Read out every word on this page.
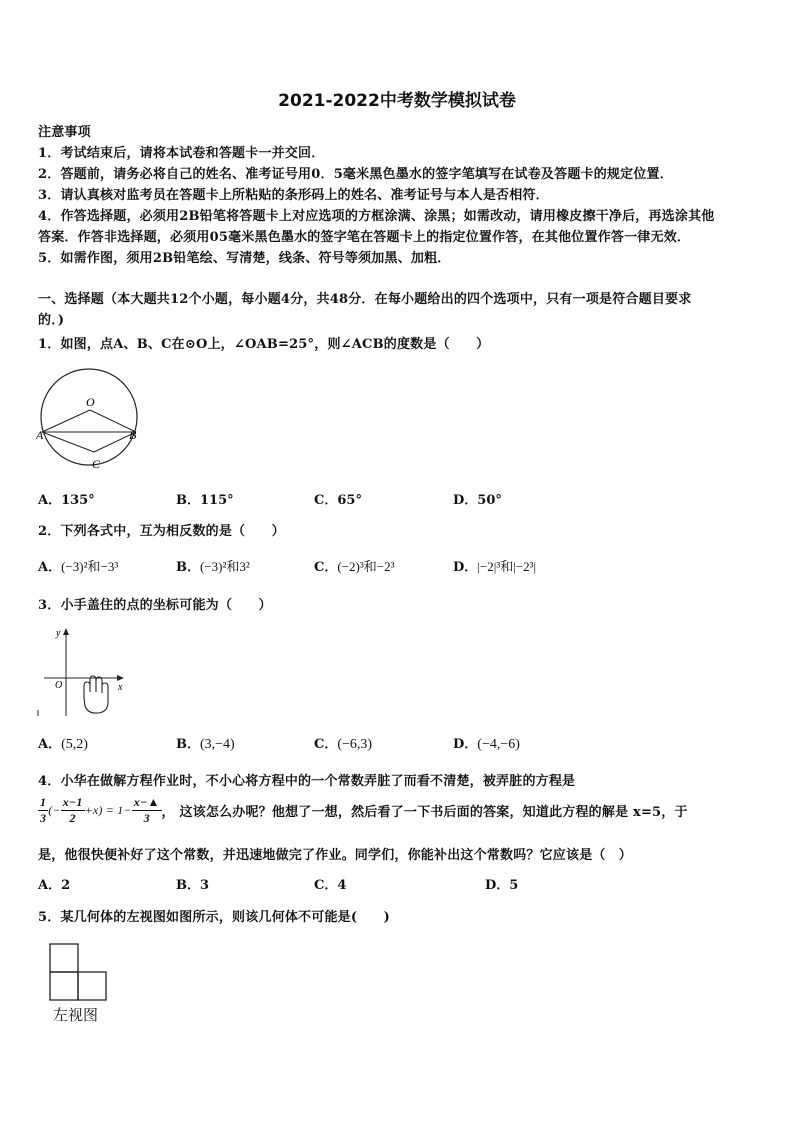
2021-2022中考数学模拟试卷
注意事项
1．考试结束后，请将本试卷和答题卡一并交回．
2．答题前，请务必将自己的姓名、准考证号用0．5毫米黑色墨水的签字笔填写在试卷及答题卡的规定位置．
3．请认真核对监考员在答题卡上所粘贴的条形码上的姓名、准考证号与本人是否相符．
4．作答选择题，必须用2B铅笔将答题卡上对应选项的方框涂满、涂黑；如需改动，请用橡皮擦干净后，再选涂其他
答案．作答非选择题，必须用05毫米黑色墨水的签字笔在答题卡上的指定位置作答，在其他位置作答一律无效．
5．如需作图，须用2B铅笔绘、写清楚，线条、符号等须加黑、加粗．
一、选择题（本大题共12个小题，每小题4分，共48分．在每小题给出的四个选项中，只有一项是符合题目要求
的．)
1．如图，点A、B、C在⊙O上，∠OAB=25°，则∠ACB的度数是（　　）
O
A	B
C
A．135°	B．115°	C．65°	D．50°
2．下列各式中，互为相反数的是（　　）
A．(−3)²和−3³	B．(−3)²和3²	C．(−2)³和−2³	D．|−2|³和|−2³|
3．小手盖住的点的坐标可能为（　　）
y
x
O
A．(5,2)	B．(3,−4)	C．(−6,3)	D．(−4,−6)
4．小华在做解方程作业时，不小心将方程中的一个常数弄脏了而看不清楚，被弄脏的方程是
$\frac{1}{3}$ (− $\frac{x-1}{2} +x) = 1- \frac{x-▲}{3}$ ， 这该怎么办呢？他想了一想，然后看了一下书后面的答案，知道此方程的解是 x=5，于
是，他很快便补好了这个常数，并迅速地做完了作业。同学们，你能补出这个常数吗？它应该是（　）
A．2	B．3	C．4	D．5
5．某几何体的左视图如图所示，则该几何体不可能是(　　)
左视图
